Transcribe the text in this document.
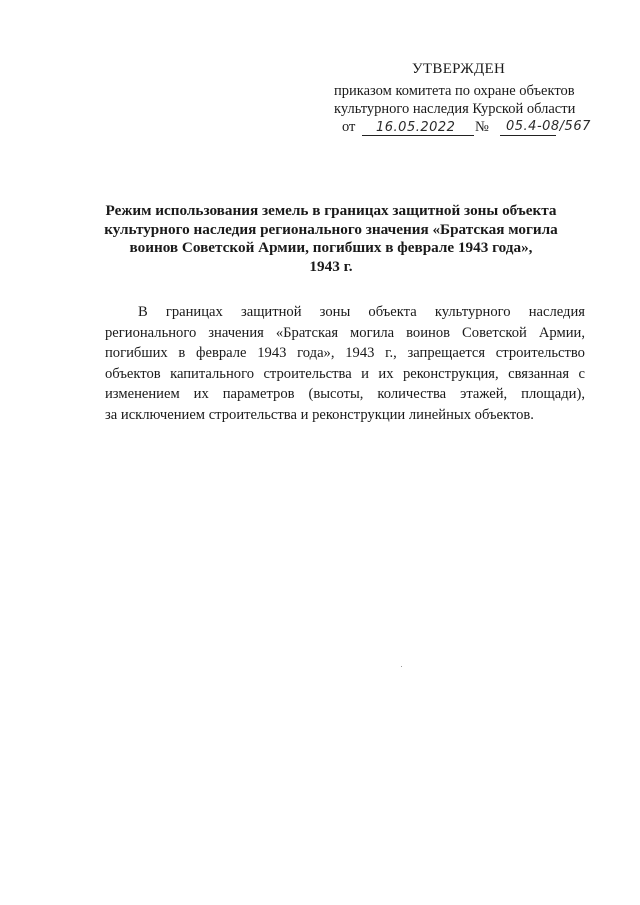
УТВЕРЖДЕН
приказом комитета по охране объектов
культурного наследия Курской области
от 16.05.2022 № 05.4-08/567
Режим использования земель в границах защитной зоны объекта
культурного наследия регионального значения «Братская могила
воинов Советской Армии, погибших в феврале 1943 года»,
1943 г.
В границах защитной зоны объекта культурного наследия
регионального значения «Братская могила воинов Советской Армии,
погибших в феврале 1943 года», 1943 г., запрещается строительство
объектов капитального строительства и их реконструкция, связанная с
изменением их параметров (высоты, количества этажей, площади),
за исключением строительства и реконструкции линейных объектов.
